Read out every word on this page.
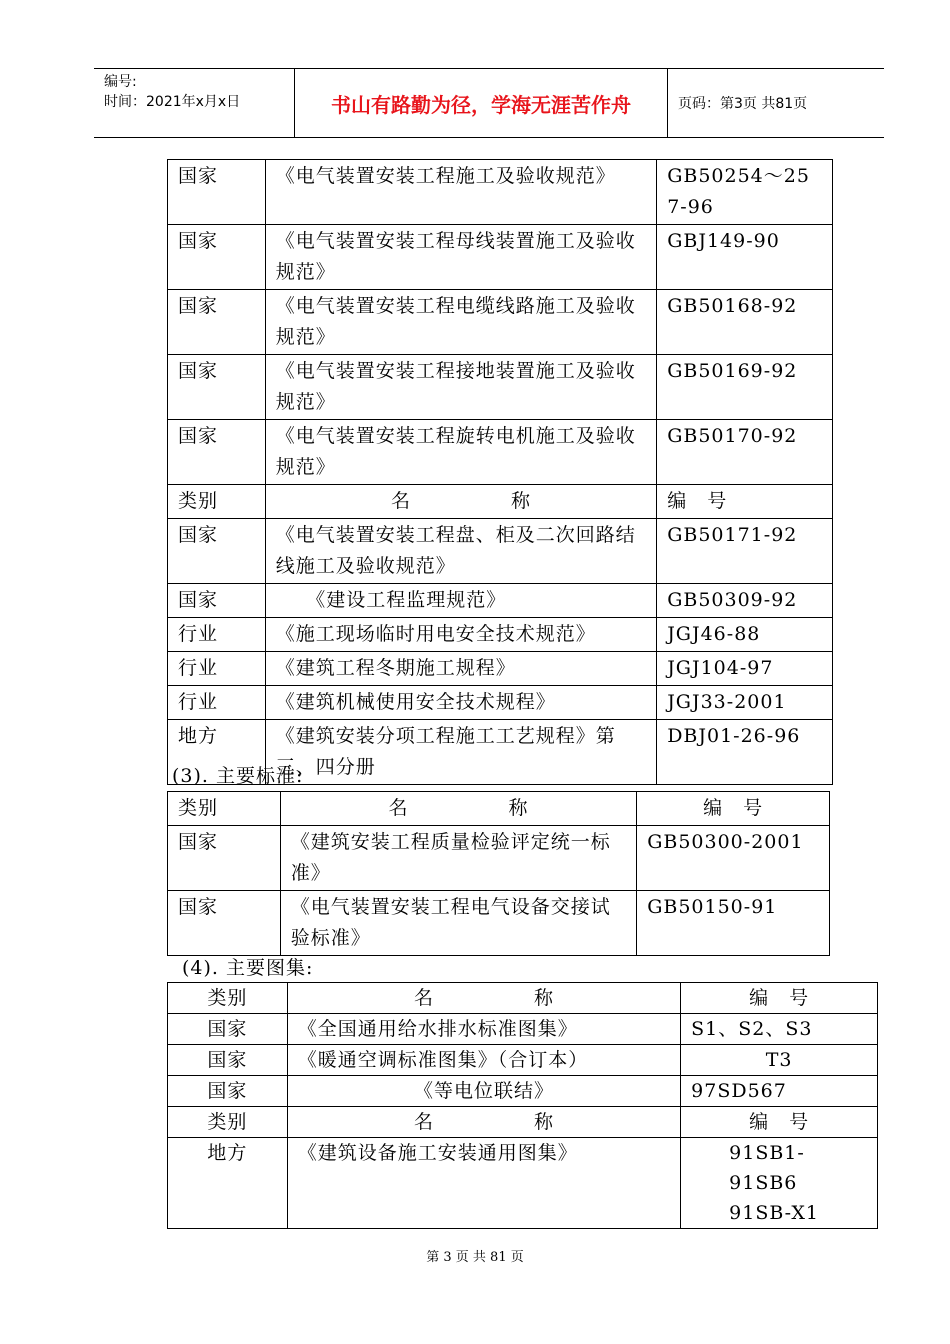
编号:
时间：2021年x月x日	书山有路勤为径，学海无涯苦作舟	页码：第3页 共81页
国家	《电气装置安装工程施工及验收规范》	GB50254～257-96
国家	《电气装置安装工程母线装置施工及验收规范》	GBJ149-90
国家	《电气装置安装工程电缆线路施工及验收规范》	GB50168-92
国家	《电气装置安装工程接地装置施工及验收规范》	GB50169-92
国家	《电气装置安装工程旋转电机施工及验收规范》	GB50170-92
类别	名　　　　　称	编　号
国家	《电气装置安装工程盘、柜及二次回路结线施工及验收规范》	GB50171-92
国家	　　《建设工程监理规范》	GB50309-92
行业	《施工现场临时用电安全技术规范》	JGJ46-88
行业	《建筑工程冬期施工规程》	JGJ104-97
行业	《建筑机械使用安全技术规程》	JGJ33-2001
地方	《建筑安装分项工程施工工艺规程》第三、四分册	DBJ01-26-96
(3). 主要标准:
类别	名　　　　　称	编　号
国家	《建筑安装工程质量检验评定统一标准》	GB50300-2001
国家	《电气装置安装工程电气设备交接试验标准》	GB50150-91
(4). 主要图集:
类别	名　　　　　称	编　号
国家	《全国通用给水排水标准图集》	S1、S2、S3
国家	《暖通空调标准图集》（合订本）	T3
国家	《等电位联结》	97SD567
类别	名　　　　　称	编　号
地方	《建筑设备施工安装通用图集》	91SB1-91SB6 91SB-X1
第 3 页 共 81 页
